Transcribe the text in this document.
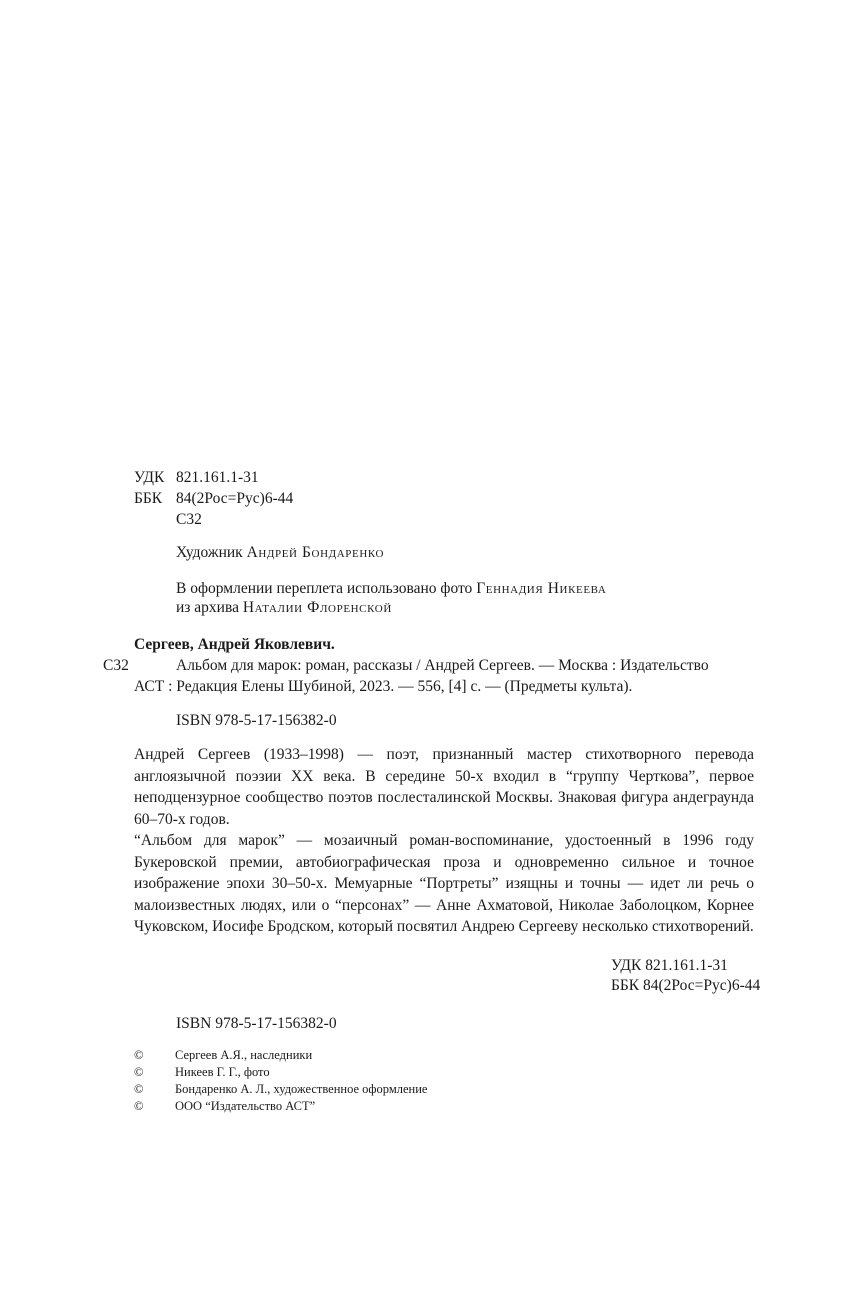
УДК 821.161.1-31
ББК 84(2Рос=Рус)6-44
С32
Художник Андрей Бондаренко
В оформлении переплета использовано фото Геннадия Никеева
из архива Наталии Флоренской
Сергеев, Андрей Яковлевич.
С32	Альбом для марок: роман, рассказы / Андрей Сергеев. — Москва : Издательство
АСТ : Редакция Елены Шубиной, 2023. — 556, [4] с. — (Предметы культа).
ISBN 978-5-17-156382-0

Андрей Сергеев (1933–1998) — поэт, признанный мастер стихотворного перевода англоязычной поэзии XX века. В середине 50-х входил в “группу Черткова”, первое неподцензурное сообщество поэтов послесталинской Москвы. Знаковая фигура андеграунда 60–70-х годов.

“Альбом для марок” — мозаичный роман-воспоминание, удостоенный в 1996 году Букеровской премии, автобиографическая проза и одновременно сильное и точное изображение эпохи 30–50-х. Мемуарные “Портреты” изящны и точны — идет ли речь о малоизвестных людях, или о “персонах” — Анне Ахматовой, Николае Заболоцком, Корнее Чуковском, Иосифе Бродском, который посвятил Андрею Сергееву несколько стихотворений.

УДК 821.161.1-31
ББК 84(2Рос=Рус)6-44
ISBN 978-5-17-156382-0
©	Сергеев А.Я., наследники
©	Никеев Г. Г., фото
©	Бондаренко А. Л., художественное оформление
©	ООО “Издательство АСТ”
